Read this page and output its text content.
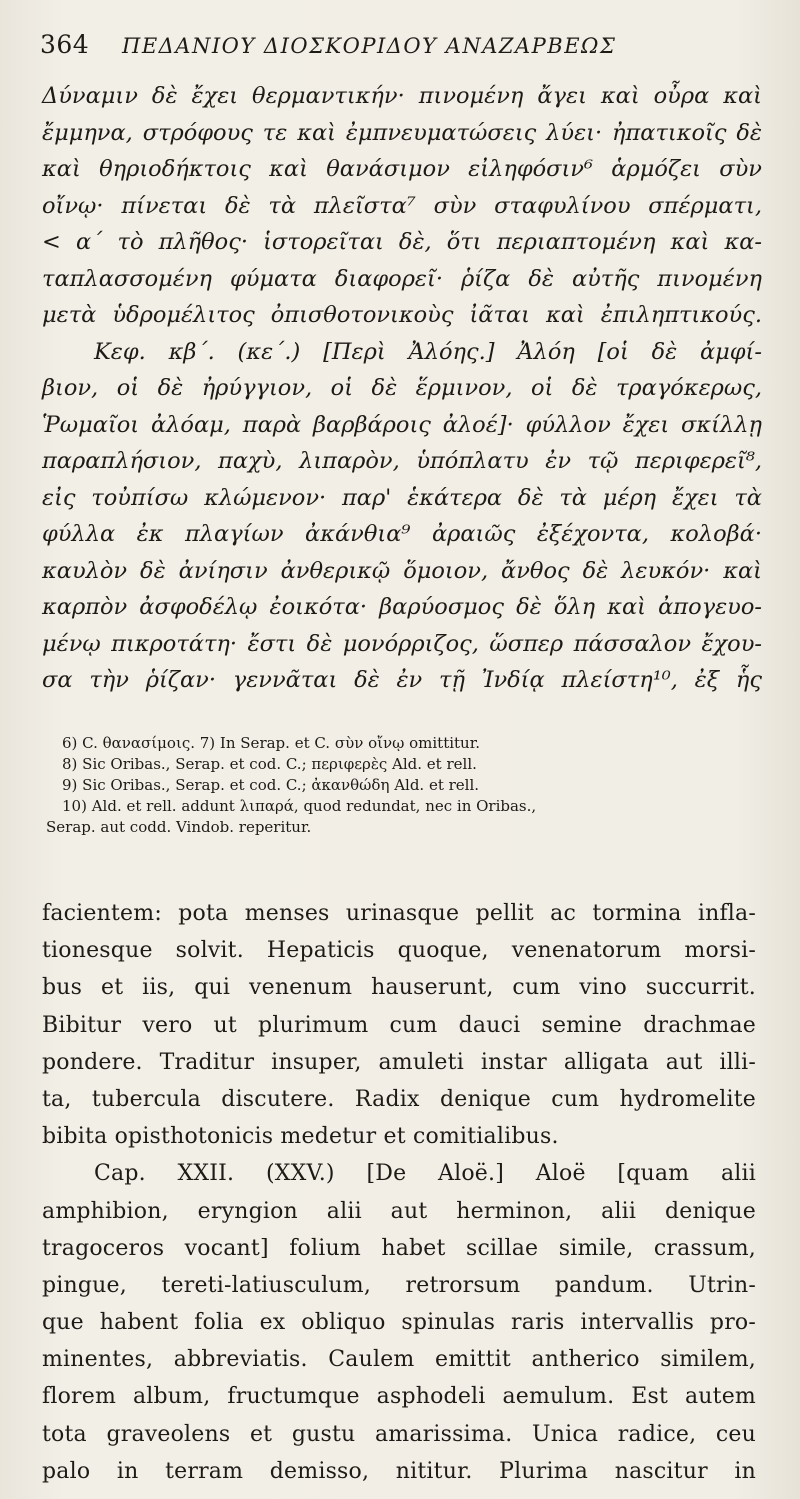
364 ΠΕΔΑΝΙΟΥ ΔΙΟΣΚΟΡΙΔΟΥ ΑΝΑΖΑΡΒΕΩΣ
Δύναμιν δὲ ἔχει θερμαντικήν· πινομένη ἄγει καὶ οὖρα καὶ
ἔμμηνα, στρόφους τε καὶ ἐμπνευματώσεις λύει· ἠπατικοῖς δὲ
καὶ θηριοδήκτοις καὶ θανάσιμον εἰληφόσιν⁶ ἁρμόζει σὺν
οἴνῳ· πίνεται δὲ τὰ πλεῖστα⁷ σὺν σταφυλίνου σπέρματι,
< α΄ τὸ πλῆθος· ἱστορεῖται δὲ, ὅτι περιαπτομένη καὶ κα-
ταπλασσομένη φύματα διαφορεῖ· ῥίζα δὲ αὐτῆς πινομένη
μετὰ ὑδρομέλιτος ὀπισθοτονικοὺς ἰᾶται καὶ ἐπιληπτικούς.
Κεφ. κβ΄. (κε΄.) [Περὶ Ἀλόης.] Ἀλόη [οἱ δὲ ἀμφί-
βιον, οἱ δὲ ἠρύγγιον, οἱ δὲ ἕρμινον, οἱ δὲ τραγόκερως,
Ῥωμαῖοι ἀλόαμ, παρὰ βαρβάροις ἀλοέ]· φύλλον ἔχει σκίλλῃ
παραπλήσιον, παχὺ, λιπαρὸν, ὑπόπλατυ ἐν τῷ περιφερεῖ⁸,
εἰς τοὐπίσω κλώμενον· παρ' ἑκάτερα δὲ τὰ μέρη ἔχει τὰ
φύλλα ἐκ πλαγίων ἀκάνθια⁹ ἀραιῶς ἐξέχοντα, κολοβά·
καυλὸν δὲ ἀνίησιν ἀνθερικῷ ὅμοιον, ἄνθος δὲ λευκόν· καὶ
καρπὸν ἀσφοδέλῳ ἐοικότα· βαρύοσμος δὲ ὅλη καὶ ἀπογευο-
μένῳ πικροτάτη· ἔστι δὲ μονόρριζος, ὥσπερ πάσσαλον ἔχου-
σα τὴν ῥίζαν· γεννᾶται δὲ ἐν τῇ Ἰνδίᾳ πλείστη¹⁰, ἐξ ἧς
6) C. θανασίμοις. 7) In Serap. et C. σὺν οἴνῳ omittitur.
8) Sic Oribas., Serap. et cod. C.; περιφερὲς Ald. et rell.
9) Sic Oribas., Serap. et cod. C.; ἀκανθώδη Ald. et rell.
10) Ald. et rell. addunt λιπαρά, quod redundat, nec in Oribas.,
Serap. aut codd. Vindob. reperitur.
facientem: pota menses urinasque pellit ac tormina infla-
tionesque solvit. Hepaticis quoque, venenatorum morsi-
bus et iis, qui venenum hauserunt, cum vino succurrit.
Bibitur vero ut plurimum cum dauci semine drachmae
pondere. Traditur insuper, amuleti instar alligata aut illi-
ta, tubercula discutere. Radix denique cum hydromelite
bibita opisthotonicis medetur et comitialibus.
Cap. XXII. (XXV.) [De Aloë.] Aloë [quam alii
amphibion, eryngion alii aut herminon, alii denique
tragoceros vocant] folium habet scillae simile, crassum,
pingue, tereti-latiusculum, retrorsum pandum. Utrin-
que habent folia ex obliquo spinulas raris intervallis pro-
minentes, abbreviatis. Caulem emittit antherico similem,
florem album, fructumque asphodeli aemulum. Est autem
tota graveolens et gustu amarissima. Unica radice, ceu
palo in terram demisso, nititur. Plurima nascitur in
